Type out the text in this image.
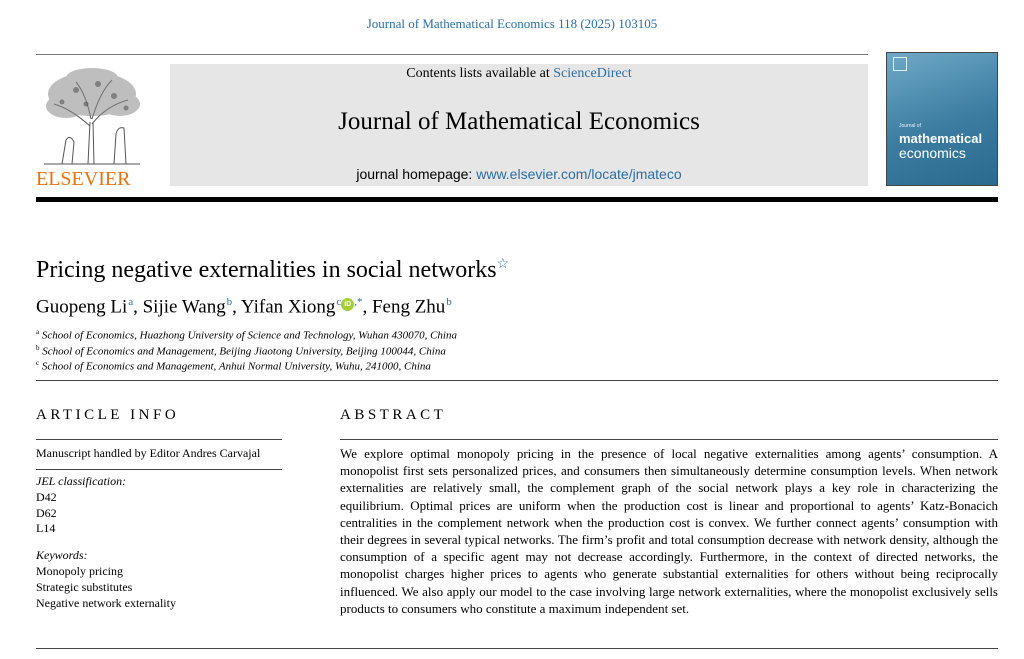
Journal of Mathematical Economics 118 (2025) 103105
ELSEVIER
Contents lists available at ScienceDirect
Journal of Mathematical Economics
journal homepage: www.elsevier.com/locate/jmateco
Journal of
mathematical
economics
Pricing negative externalities in social networks☆
Guopeng Li $^a$, Sijie Wang $^b$, Yifan Xiong $^c$ iD ,*, Feng Zhu $^b$
$^a$ School of Economics, Huazhong University of Science and Technology, Wuhan 430070, China
$^b$ School of Economics and Management, Beijing Jiaotong University, Beijing 100044, China
$^c$ School of Economics and Management, Anhui Normal University, Wuhu, 241000, China
ARTICLE INFO
Manuscript handled by Editor Andres Carvajal
JEL classification:
D42
D62
L14
Keywords:
Monopoly pricing
Strategic substitutes
Negative network externality
ABSTRACT
We explore optimal monopoly pricing in the presence of local negative externalities among agents’ consumption. A monopolist first sets personalized prices, and consumers then simultaneously determine consumption levels. When network externalities are relatively small, the complement graph of the social network plays a key role in characterizing the equilibrium. Optimal prices are uniform when the production cost is linear and proportional to agents’ Katz-Bonacich centralities in the complement network when the production cost is convex. We further connect agents’ consumption with their degrees in several typical networks. The firm’s profit and total consumption decrease with network density, although the consumption of a specific agent may not decrease accordingly. Furthermore, in the context of directed networks, the monopolist charges higher prices to agents who generate substantial externalities for others without being reciprocally influenced. We also apply our model to the case involving large network externalities, where the monopolist exclusively sells products to consumers who constitute a maximum independent set.
